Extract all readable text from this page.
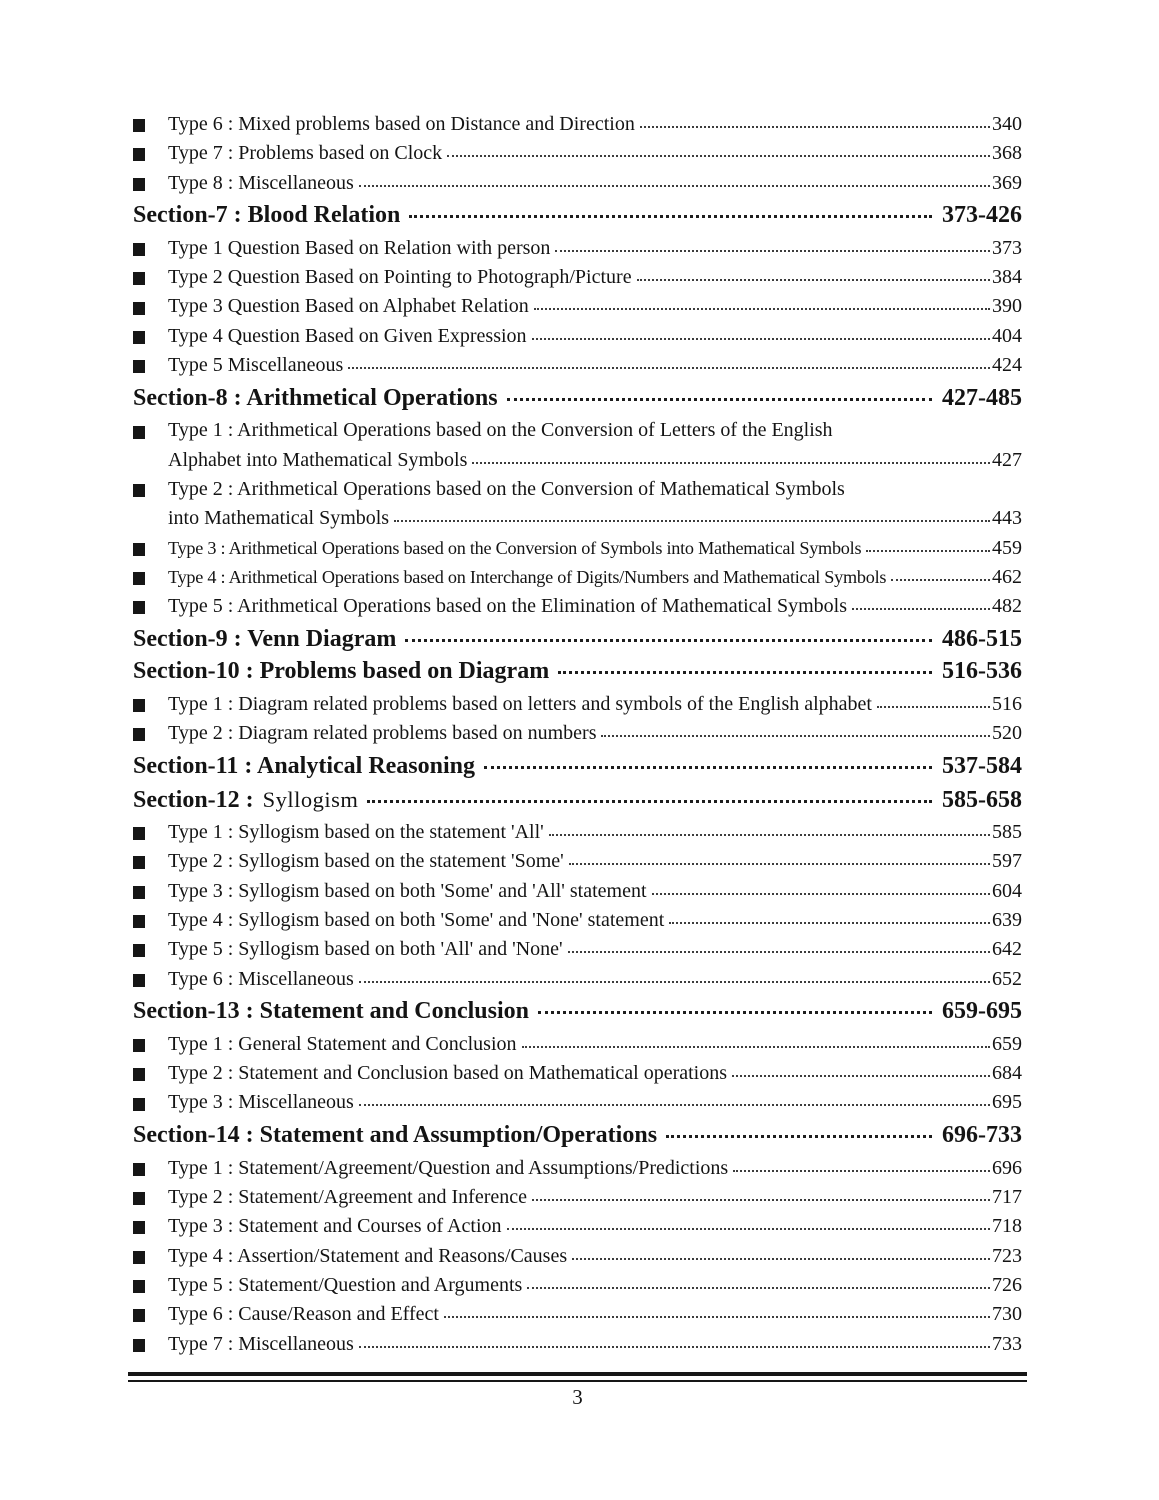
Type 6 : Mixed problems based on Distance and Direction	340
Type 7 : Problems based on Clock	368
Type 8 : Miscellaneous	369
Section-7 : Blood Relation	373-426
Type 1 Question Based on Relation with person	373
Type 2 Question Based on Pointing to Photograph/Picture	384
Type 3 Question Based on Alphabet Relation	390
Type 4 Question Based on Given Expression	404
Type 5 Miscellaneous	424
Section-8 : Arithmetical Operations	427-485
Type 1 : Arithmetical Operations based on the Conversion of Letters of the English
Alphabet into Mathematical Symbols	427
Type 2 : Arithmetical Operations based on the Conversion of Mathematical Symbols
into Mathematical Symbols	443
Type 3 : Arithmetical Operations based on the Conversion of Symbols into Mathematical Symbols	459
Type 4 : Arithmetical Operations based on Interchange of Digits/Numbers and Mathematical Symbols	462
Type 5 : Arithmetical Operations based on the Elimination of Mathematical Symbols	482
Section-9 : Venn Diagram	486-515
Section-10 : Problems based on Diagram	516-536
Type 1 : Diagram related problems based on letters and symbols of the English alphabet	516
Type 2 : Diagram related problems based on numbers	520
Section-11 : Analytical Reasoning	537-584
Section-12 : Syllogism	585-658
Type 1 : Syllogism based on the statement 'All'	585
Type 2 : Syllogism based on the statement 'Some'	597
Type 3 : Syllogism based on both 'Some' and 'All' statement	604
Type 4 : Syllogism based on both 'Some' and 'None' statement	639
Type 5 : Syllogism based on both 'All' and 'None'	642
Type 6 : Miscellaneous	652
Section-13 : Statement and Conclusion	659-695
Type 1 : General Statement and Conclusion	659
Type 2 : Statement and Conclusion based on Mathematical operations	684
Type 3 : Miscellaneous	695
Section-14 : Statement and Assumption/Operations	696-733
Type 1 : Statement/Agreement/Question and Assumptions/Predictions	696
Type 2 : Statement/Agreement and Inference	717
Type 3 : Statement and Courses of Action	718
Type 4 : Assertion/Statement and Reasons/Causes	723
Type 5 : Statement/Question and Arguments	726
Type 6 : Cause/Reason and Effect	730
Type 7 : Miscellaneous	733
3
